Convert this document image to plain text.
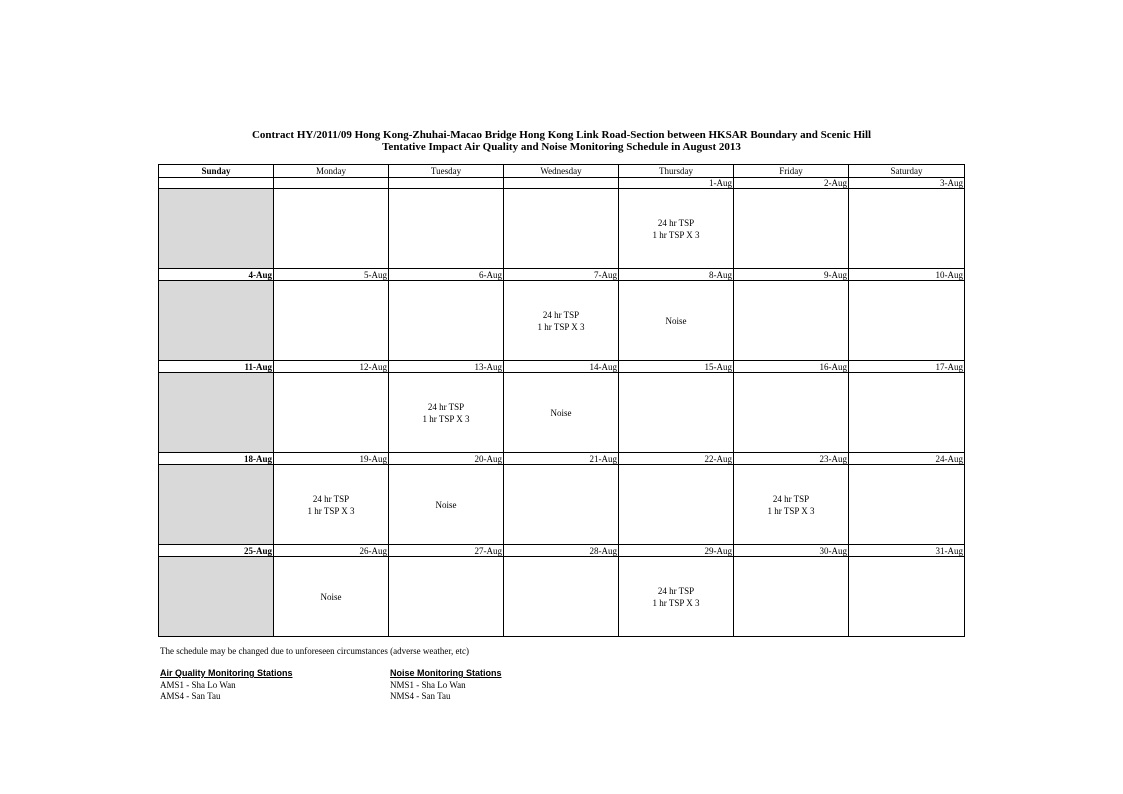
Contract HY/2011/09 Hong Kong-Zhuhai-Macao Bridge Hong Kong Link Road-Section between HKSAR Boundary and Scenic Hill
Tentative Impact Air Quality and Noise Monitoring Schedule in August 2013
Sunday	Monday	Tuesday	Wednesday	Thursday	Friday	Saturday
				1-Aug	2-Aug	3-Aug

				24 hr TSP
1 hr TSP X 3		

4-Aug	5-Aug	6-Aug	7-Aug	8-Aug	9-Aug	10-Aug

			24 hr TSP
1 hr TSP X 3	Noise		

11-Aug	12-Aug	13-Aug	14-Aug	15-Aug	16-Aug	17-Aug

		24 hr TSP
1 hr TSP X 3	Noise			

18-Aug	19-Aug	20-Aug	21-Aug	22-Aug	23-Aug	24-Aug

	24 hr TSP
1 hr TSP X 3	Noise			24 hr TSP
1 hr TSP X 3	

25-Aug	26-Aug	27-Aug	28-Aug	29-Aug	30-Aug	31-Aug

	Noise			24 hr TSP
1 hr TSP X 3		

The schedule may be changed due to unforeseen circumstances (adverse weather, etc)
Air Quality Monitoring Stations
AMS1 - Sha Lo Wan
AMS4 - San Tau
Noise Monitoring Stations
NMS1 - Sha Lo Wan
NMS4 - San Tau
